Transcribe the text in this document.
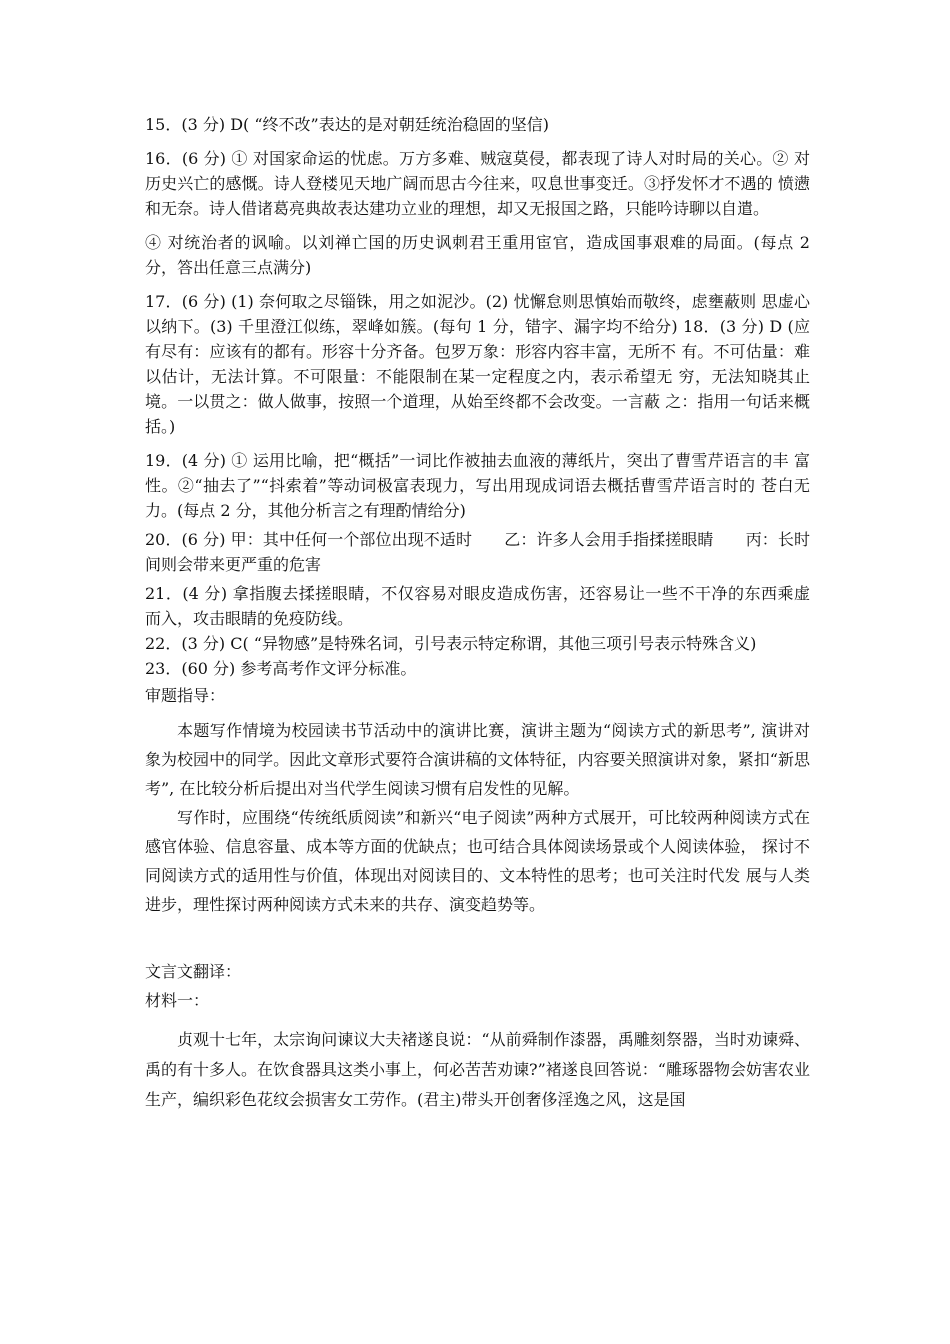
15．(3 分) D( “终不改”表达的是对朝廷统治稳固的坚信)

16．(6 分) ① 对国家命运的忧虑。万方多难、贼寇莫侵，都表现了诗人对时局的关心。② 对历史兴亡的感慨。诗人登楼见天地广阔而思古今往来，叹息世事变迁。③抒发怀才不遇的 愤懑和无奈。诗人借诸葛亮典故表达建功立业的理想，却又无报国之路，只能吟诗聊以自遣。

④ 对统治者的讽喻。以刘禅亡国的历史讽刺君王重用宦官，造成国事艰难的局面。(每点 2 分，答出任意三点满分)

17．(6 分) (1) 奈何取之尽锱铢，用之如泥沙。(2) 忧懈怠则思慎始而敬终，虑壅蔽则 思虚心以纳下。(3) 千里澄江似练，翠峰如簇。(每句 1 分，错字、漏字均不给分) 18．(3 分) D (应有尽有：应该有的都有。形容十分齐备。包罗万象：形容内容丰富，无所不 有。不可估量：难以估计，无法计算。不可限量：不能限制在某一定程度之内，表示希望无 穷，无法知晓其止境。一以贯之：做人做事，按照一个道理，从始至终都不会改变。一言蔽 之：指用一句话来概括。)

19．(4 分) ① 运用比喻，把“概括”一词比作被抽去血液的薄纸片，突出了曹雪芹语言的丰 富性。②“抽去了”“抖索着”等动词极富表现力，写出用现成词语去概括曹雪芹语言时的 苍白无力。(每点 2 分，其他分析言之有理酌情给分)

20．(6 分) 甲：其中任何一个部位出现不适时　　乙：许多人会用手指揉搓眼睛　　丙：长时 间则会带来更严重的危害

21．(4 分) 拿指腹去揉搓眼睛，不仅容易对眼皮造成伤害，还容易让一些不干净的东西乘虚 而入，攻击眼睛的免疫防线。

22．(3 分) C( “异物感”是特殊名词，引号表示特定称谓，其他三项引号表示特殊含义)

23．(60 分) 参考高考作文评分标准。

审题指导：

本题写作情境为校园读书节活动中的演讲比赛，演讲主题为“阅读方式的新思考”, 演讲对象为校园中的同学。因此文章形式要符合演讲稿的文体特征，内容要关照演讲对象，紧扣“新思考”, 在比较分析后提出对当代学生阅读习惯有启发性的见解。

写作时，应围绕“传统纸质阅读”和新兴“电子阅读”两种方式展开，可比较两种阅读方式在感官体验、信息容量、成本等方面的优缺点；也可结合具体阅读场景或个人阅读体验， 探讨不同阅读方式的适用性与价值，体现出对阅读目的、文本特性的思考；也可关注时代发 展与人类进步，理性探讨两种阅读方式未来的共存、演变趋势等。

文言文翻译：

材料一：

贞观十七年，太宗询问谏议大夫褚遂良说：“从前舜制作漆器，禹雕刻祭器，当时劝谏舜、禹的有十多人。在饮食器具这类小事上，何必苦苦劝谏?”褚遂良回答说：“雕琢器物会妨害农业生产，编织彩色花纹会损害女工劳作。(君主)带头开创奢侈淫逸之风，这是国
